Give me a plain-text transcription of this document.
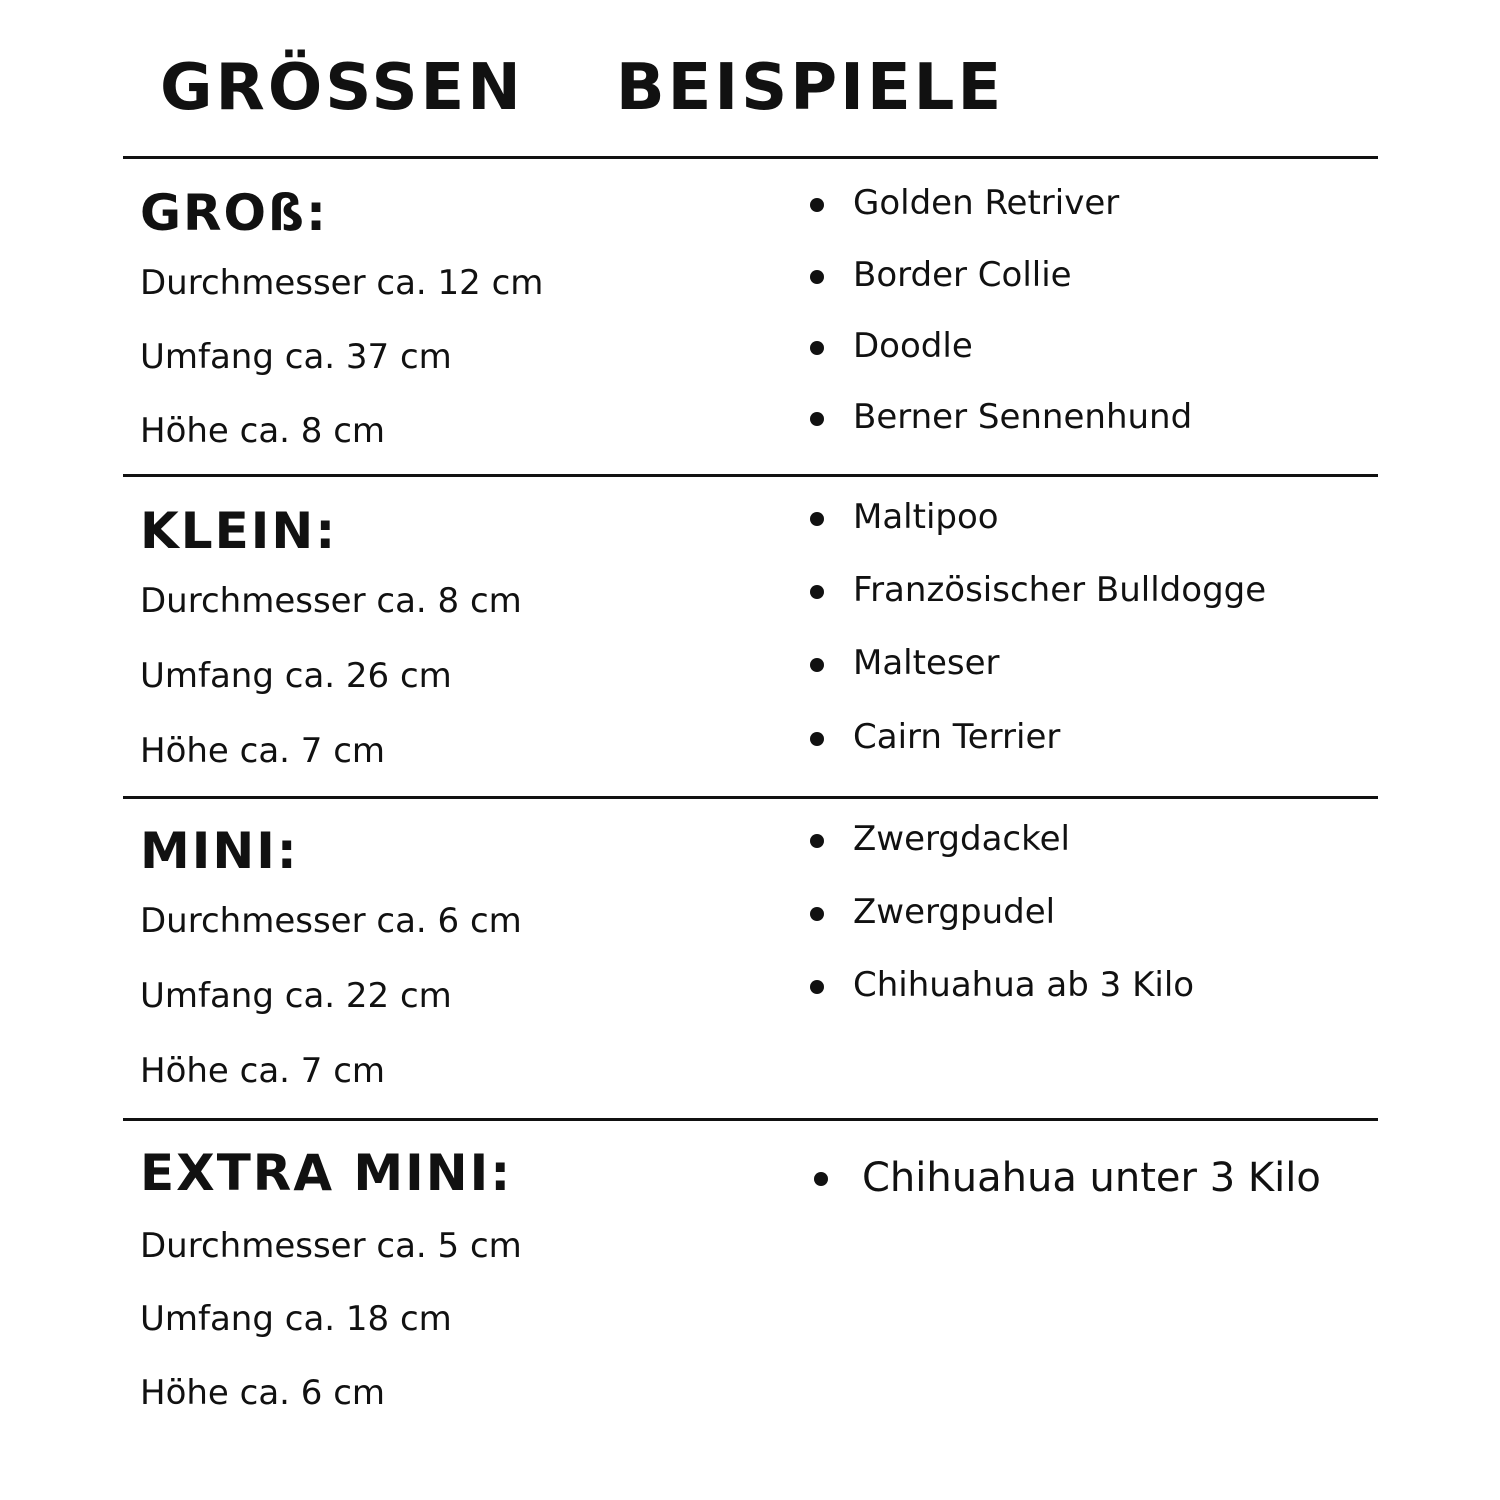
GRÖSSEN BEISPIELE
GROß:
Durchmesser ca. 12 cm
Umfang ca. 37 cm
Höhe ca. 8 cm
Golden Retriver
Border Collie
Doodle
Berner Sennenhund
KLEIN:
Durchmesser ca. 8 cm
Umfang ca. 26 cm
Höhe ca. 7 cm
Maltipoo
Französischer Bulldogge
Malteser
Cairn Terrier
MINI:
Durchmesser ca. 6 cm
Umfang ca. 22 cm
Höhe ca. 7 cm
Zwergdackel
Zwergpudel
Chihuahua ab 3 Kilo
EXTRA MINI:
Durchmesser ca. 5 cm
Umfang ca. 18 cm
Höhe ca. 6 cm
Chihuahua unter 3 Kilo
